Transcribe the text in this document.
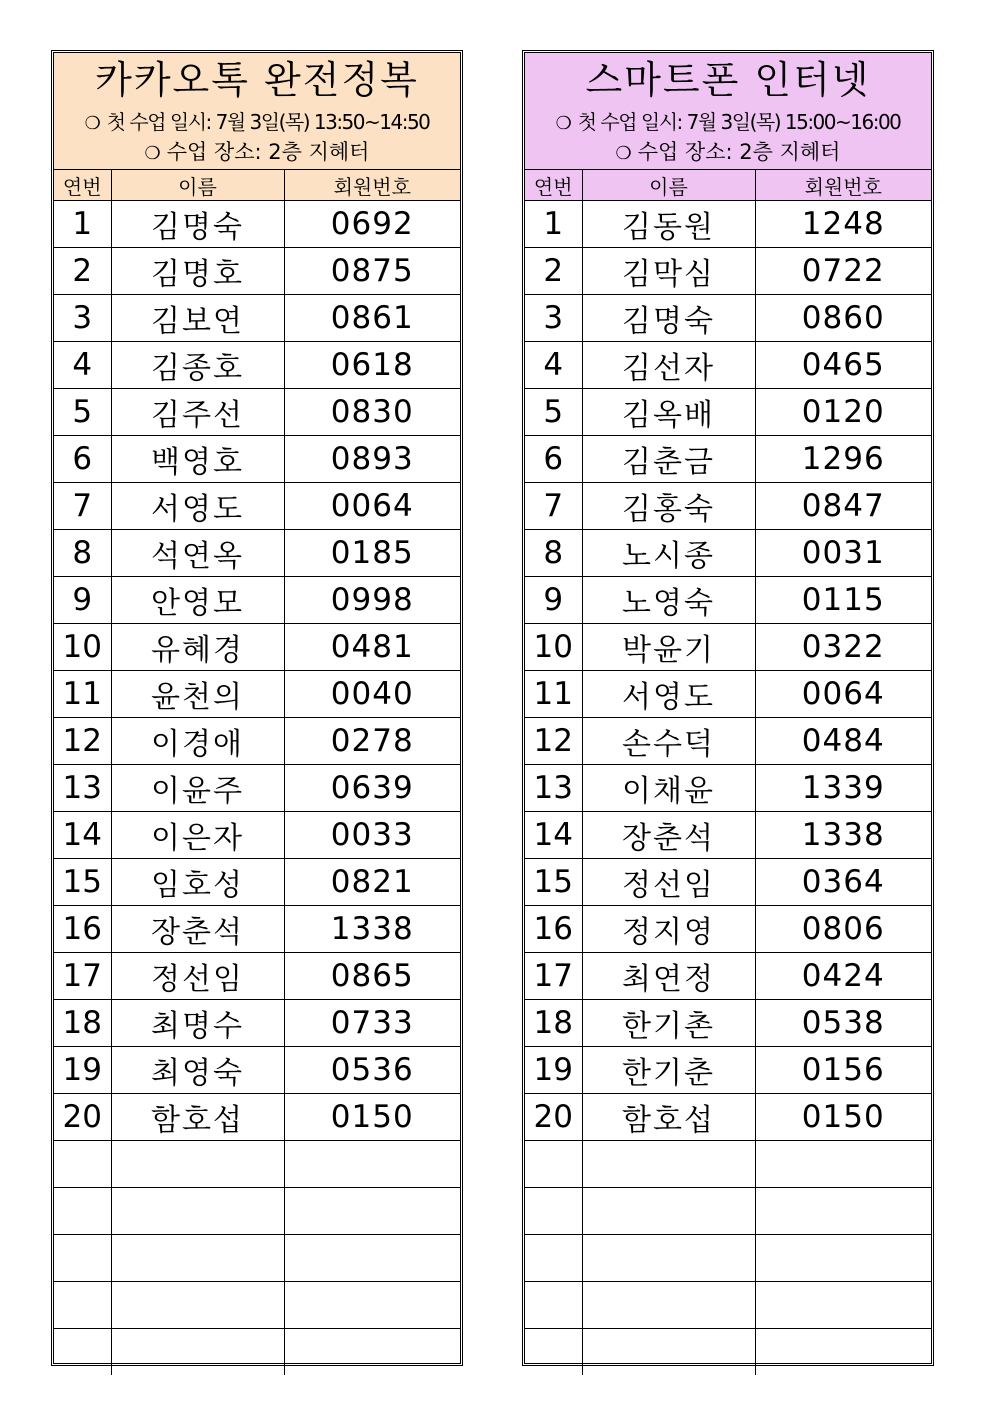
카카오톡 완전정복
❍ 첫 수업 일시: 7월 3일(목) 13:50~14:50
❍ 수업 장소: 2층 지혜터
연번	이름	회원번호
1	김명숙	0692
2	김명호	0875
3	김보연	0861
4	김종호	0618
5	김주선	0830
6	백영호	0893
7	서영도	0064
8	석연옥	0185
9	안영모	0998
10	유혜경	0481
11	윤천의	0040
12	이경애	0278
13	이윤주	0639
14	이은자	0033
15	임호성	0821
16	장춘석	1338
17	정선임	0865
18	최명수	0733
19	최영숙	0536
20	함호섭	0150

스마트폰 인터넷
❍ 첫 수업 일시: 7월 3일(목) 15:00~16:00
❍ 수업 장소: 2층 지혜터
연번	이름	회원번호
1	김동원	1248
2	김막심	0722
3	김명숙	0860
4	김선자	0465
5	김옥배	0120
6	김춘금	1296
7	김홍숙	0847
8	노시종	0031
9	노영숙	0115
10	박윤기	0322
11	서영도	0064
12	손수덕	0484
13	이채윤	1339
14	장춘석	1338
15	정선임	0364
16	정지영	0806
17	최연정	0424
18	한기촌	0538
19	한기춘	0156
20	함호섭	0150
